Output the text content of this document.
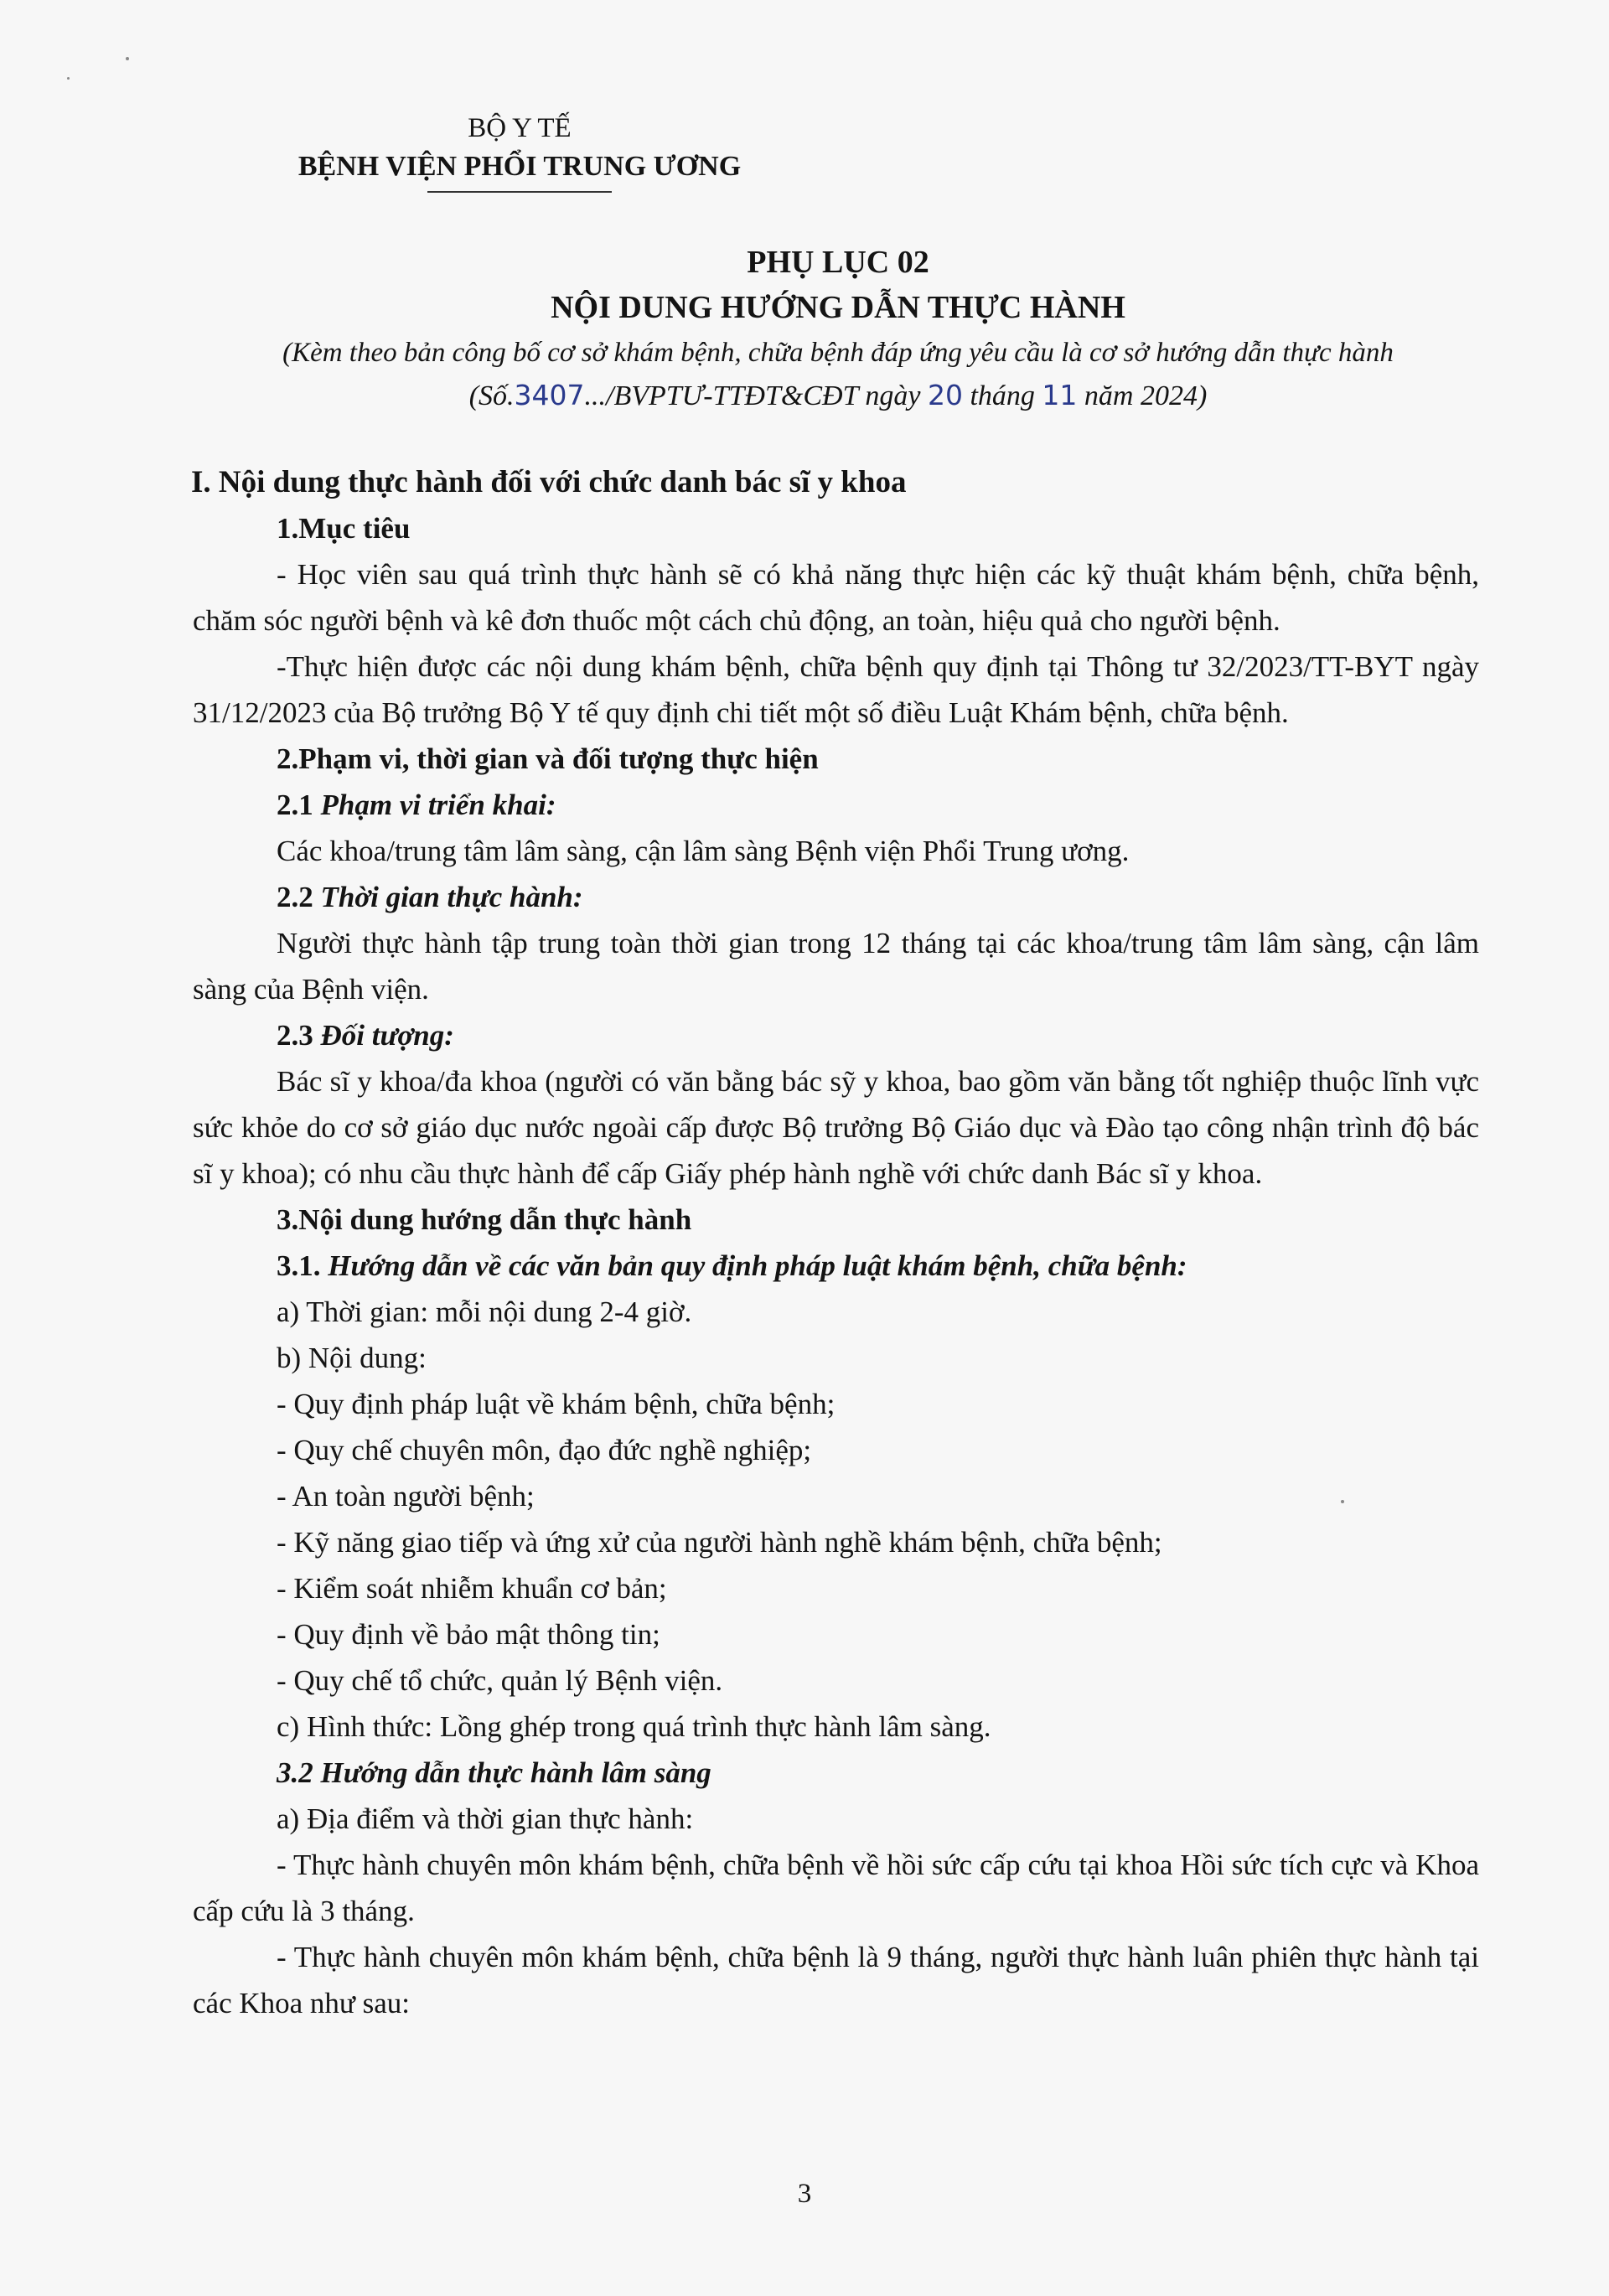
BỘ Y TẾ
BỆNH VIỆN PHỔI TRUNG ƯƠNG
PHỤ LỤC 02
NỘI DUNG HƯỚNG DẪN THỰC HÀNH
(Kèm theo bản công bố cơ sở khám bệnh, chữa bệnh đáp ứng yêu cầu là cơ sở hướng dẫn thực hành
(Số.3407.../BVPTƯ-TTĐT&CĐT ngày 20 tháng 11 năm 2024)

I. Nội dung thực hành đối với chức danh bác sĩ y khoa

1.Mục tiêu

- Học viên sau quá trình thực hành sẽ có khả năng thực hiện các kỹ thuật khám bệnh, chữa bệnh, chăm sóc người bệnh và kê đơn thuốc một cách chủ động, an toàn, hiệu quả cho người bệnh.

-Thực hiện được các nội dung khám bệnh, chữa bệnh quy định tại Thông tư 32/2023/TT-BYT ngày 31/12/2023 của Bộ trưởng Bộ Y tế quy định chi tiết một số điều Luật Khám bệnh, chữa bệnh.

2.Phạm vi, thời gian và đối tượng thực hiện

2.1 Phạm vi triển khai:

Các khoa/trung tâm lâm sàng, cận lâm sàng Bệnh viện Phổi Trung ương.

2.2 Thời gian thực hành:

Người thực hành tập trung toàn thời gian trong 12 tháng tại các khoa/trung tâm lâm sàng, cận lâm sàng của Bệnh viện.

2.3 Đối tượng:

Bác sĩ y khoa/đa khoa (người có văn bằng bác sỹ y khoa, bao gồm văn bằng tốt nghiệp thuộc lĩnh vực sức khỏe do cơ sở giáo dục nước ngoài cấp được Bộ trưởng Bộ Giáo dục và Đào tạo công nhận trình độ bác sĩ y khoa); có nhu cầu thực hành để cấp Giấy phép hành nghề với chức danh Bác sĩ y khoa.

3.Nội dung hướng dẫn thực hành

3.1. Hướng dẫn về các văn bản quy định pháp luật khám bệnh, chữa bệnh:

a) Thời gian: mỗi nội dung 2-4 giờ.

b) Nội dung:

- Quy định pháp luật về khám bệnh, chữa bệnh;

- Quy chế chuyên môn, đạo đức nghề nghiệp;

- An toàn người bệnh;

- Kỹ năng giao tiếp và ứng xử của người hành nghề khám bệnh, chữa bệnh;

- Kiểm soát nhiễm khuẩn cơ bản;

- Quy định về bảo mật thông tin;

- Quy chế tổ chức, quản lý Bệnh viện.

c) Hình thức: Lồng ghép trong quá trình thực hành lâm sàng.

3.2 Hướng dẫn thực hành lâm sàng

a) Địa điểm và thời gian thực hành:

- Thực hành chuyên môn khám bệnh, chữa bệnh về hồi sức cấp cứu tại khoa Hồi sức tích cực và Khoa cấp cứu là 3 tháng.

- Thực hành chuyên môn khám bệnh, chữa bệnh là 9 tháng, người thực hành luân phiên thực hành tại các Khoa như sau:

3
